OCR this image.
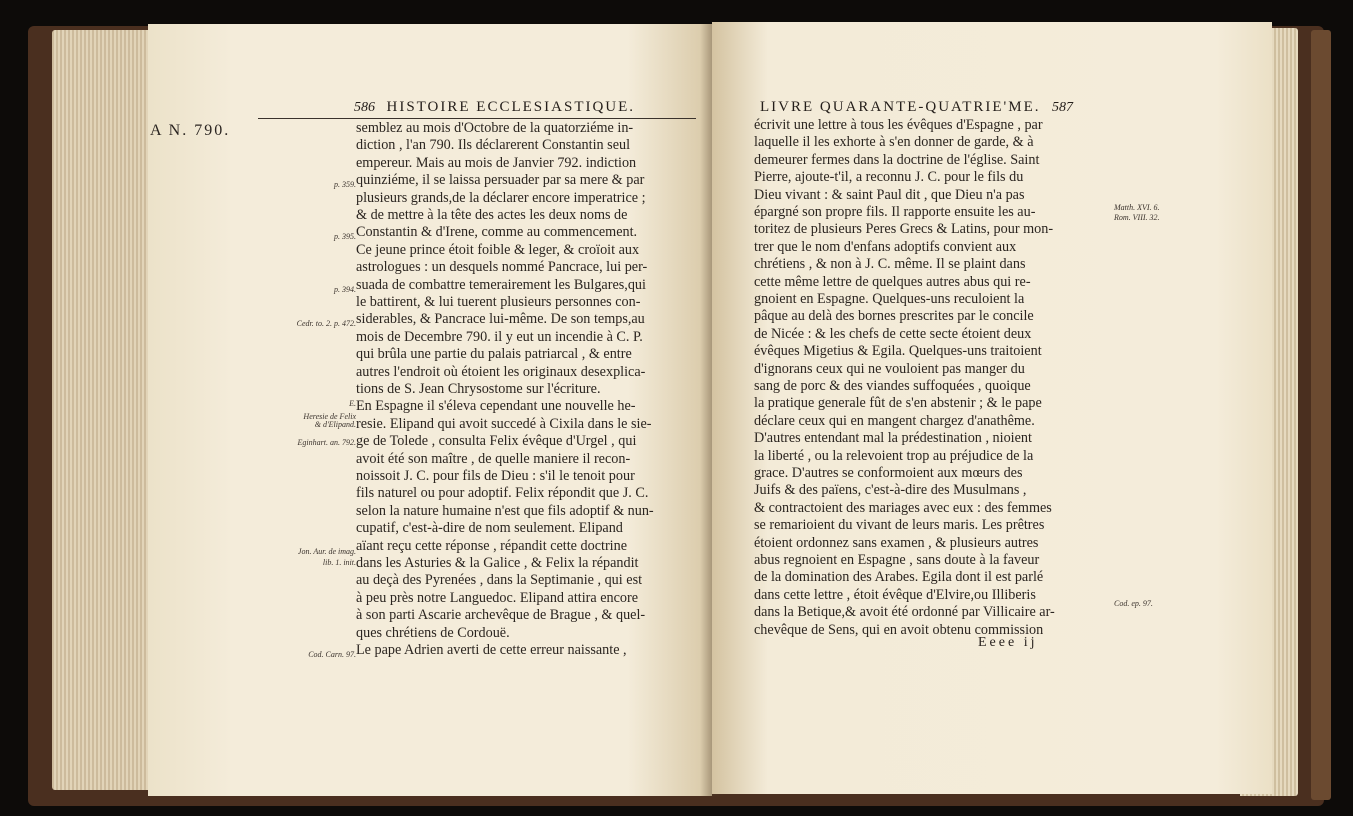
586 HISTOIRE ECCLESIASTIQUE.
A N. 790.	semblez au mois d'Octobre de la quatorziéme in-
diction , l'an 790. Ils déclarerent Constantin seul
empereur. Mais au mois de Janvier 792. indiction
quinziéme, il se laissa persuader par sa mere & par
plusieurs grands,de la déclarer encore imperatrice ;
& de mettre à la tête des actes les deux noms de
Constantin & d'Irene, comme au commencement.
Ce jeune prince étoit foible & leger, & croïoit aux
astrologues : un desquels nommé Pancrace, lui per-
suada de combattre temerairement les Bulgares,qui
le battirent, & lui tuerent plusieurs personnes con-
siderables, & Pancrace lui-même. De son temps,au
mois de Decembre 790. il y eut un incendie à C. P.
qui brûla une partie du palais patriarcal , & entre
autres l'endroit où étoient les originaux desexplica-
tions de S. Jean Chrysostome sur l'écriture.
En Espagne il s'éleva cependant une nouvelle he-
resie. Elipand qui avoit succedé à Cixila dans le sie-
ge de Tolede , consulta Felix évêque d'Urgel , qui
avoit été son maître , de quelle maniere il recon-
noissoit J. C. pour fils de Dieu : s'il le tenoit pour
fils naturel ou pour adoptif. Felix répondit que J. C.
selon la nature humaine n'est que fils adoptif & nun-
cupatif, c'est-à-dire de nom seulement. Elipand
aïant reçu cette réponse , répandit cette doctrine
dans les Asturies & la Galice , & Felix la répandit
au deçà des Pyrenées , dans la Septimanie , qui est
à peu près notre Languedoc. Elipand attira encore
à son parti Ascarie archevêque de Brague , & quel-
ques chrétiens de Cordouë.
Le pape Adrien averti de cette erreur naissante ,
p. 359.
p. 395.
p. 394.
Cedr. to. 2. p. 472.
E.
Heresie de Felix
& d'Elipand.
Eginhart. an. 792.
Jon. Aur. de imag.
lib. 1. init.
Cod. Carn. 97.
LIVRE QUARANTE-QUATRIE'ME. 587
écrivit une lettre à tous les évêques d'Espagne , par
laquelle il les exhorte à s'en donner de garde, & à
demeurer fermes dans la doctrine de l'église. Saint
Pierre, ajoute-t'il, a reconnu J. C. pour le fils du
Dieu vivant : & saint Paul dit , que Dieu n'a pas
épargné son propre fils. Il rapporte ensuite les au-
toritez de plusieurs Peres Grecs & Latins, pour mon-
trer que le nom d'enfans adoptifs convient aux
chrétiens , & non à J. C. même. Il se plaint dans
cette même lettre de quelques autres abus qui re-
gnoient en Espagne. Quelques-uns reculoient la
pâque au delà des bornes prescrites par le concile
de Nicée : & les chefs de cette secte étoient deux
évêques Migetius & Egila. Quelques-uns traitoient
d'ignorans ceux qui ne vouloient pas manger du
sang de porc & des viandes suffoquées , quoique
la pratique generale fût de s'en abstenir ; & le pape
déclare ceux qui en mangent chargez d'anathême.
D'autres entendant mal la prédestination , nioient
la liberté , ou la relevoient trop au préjudice de la
grace. D'autres se conformoient aux mœurs des
Juifs & des païens, c'est-à-dire des Musulmans ,
& contractoient des mariages avec eux : des femmes
se remarioient du vivant de leurs maris. Les prêtres
étoient ordonnez sans examen , & plusieurs autres
abus regnoient en Espagne , sans doute à la faveur
de la domination des Arabes. Egila dont il est parlé
dans cette lettre , étoit évêque d'Elvire,ou Illiberis
dans la Betique,& avoit été ordonné par Villicaire ar-
chevêque de Sens, qui en avoit obtenu commission
Matth. XVI. 6.
Rom. VIII. 32.
Cod. ep. 97.
Eeee ij
